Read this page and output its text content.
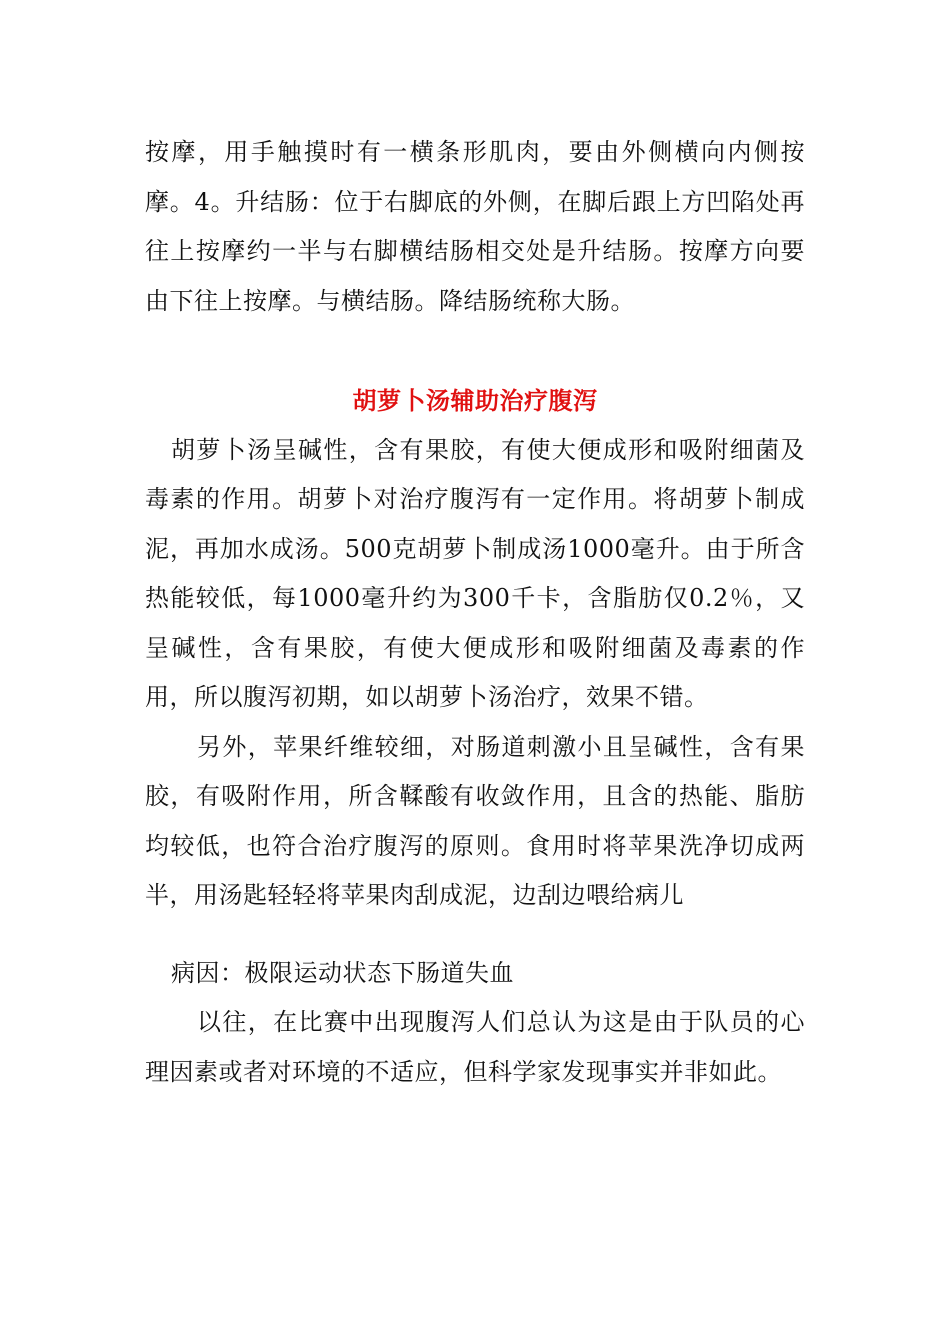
按摩，用手触摸时有一横条形肌肉，要由外侧横向内侧按摩。4。升结肠：位于右脚底的外侧，在脚后跟上方凹陷处再往上按摩约一半与右脚横结肠相交处是升结肠。按摩方向要由下往上按摩。与横结肠。降结肠统称大肠。

胡萝卜汤辅助治疗腹泻

胡萝卜汤呈碱性，含有果胶，有使大便成形和吸附细菌及毒素的作用。胡萝卜对治疗腹泻有一定作用。将胡萝卜制成泥，再加水成汤。500克胡萝卜制成汤1000毫升。由于所含热能较低，每1000毫升约为300千卡，含脂肪仅0.2％，又呈碱性，含有果胶，有使大便成形和吸附细菌及毒素的作用，所以腹泻初期，如以胡萝卜汤治疗，效果不错。

另外，苹果纤维较细，对肠道刺激小且呈碱性，含有果胶，有吸附作用，所含鞣酸有收敛作用，且含的热能、脂肪均较低，也符合治疗腹泻的原则。食用时将苹果洗净切成两半，用汤匙轻轻将苹果肉刮成泥，边刮边喂给病儿

病因：极限运动状态下肠道失血

以往，在比赛中出现腹泻人们总认为这是由于队员的心理因素或者对环境的不适应，但科学家发现事实并非如此。
